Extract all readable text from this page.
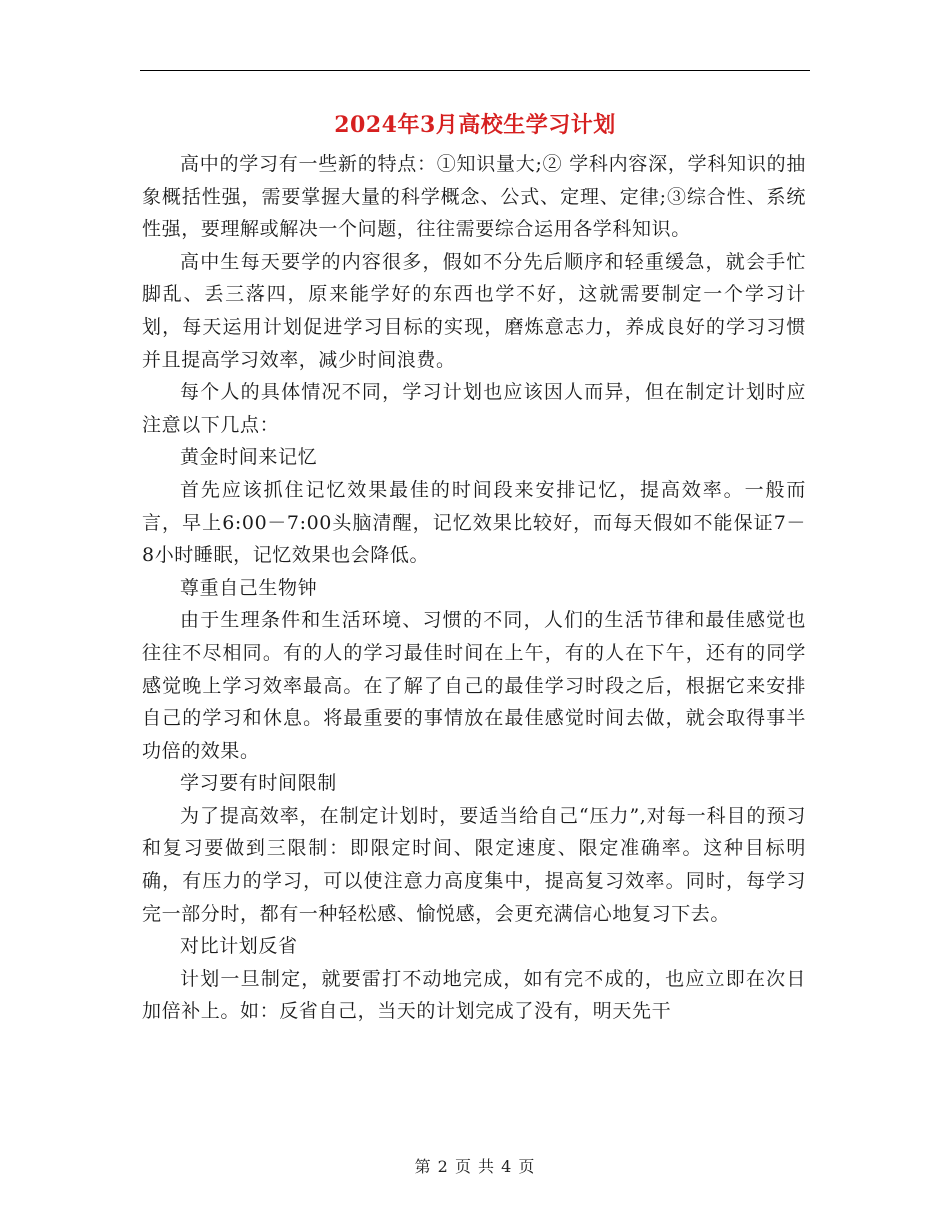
2024年3月高校生学习计划

高中的学习有一些新的特点：①知识量大;② 学科内容深，学科知识的抽象概括性强，需要掌握大量的科学概念、公式、定理、定律;③综合性、系统性强，要理解或解决一个问题，往往需要综合运用各学科知识。

高中生每天要学的内容很多，假如不分先后顺序和轻重缓急，就会手忙脚乱、丢三落四，原来能学好的东西也学不好，这就需要制定一个学习计划，每天运用计划促进学习目标的实现，磨炼意志力，养成良好的学习习惯并且提高学习效率，减少时间浪费。

每个人的具体情况不同，学习计划也应该因人而异，但在制定计划时应注意以下几点：

黄金时间来记忆

首先应该抓住记忆效果最佳的时间段来安排记忆，提高效率。一般而言，早上6:00－7:00头脑清醒，记忆效果比较好，而每天假如不能保证7－8小时睡眠，记忆效果也会降低。

尊重自己生物钟

由于生理条件和生活环境、习惯的不同，人们的生活节律和最佳感觉也往往不尽相同。有的人的学习最佳时间在上午，有的人在下午，还有的同学感觉晚上学习效率最高。在了解了自己的最佳学习时段之后，根据它来安排自己的学习和休息。将最重要的事情放在最佳感觉时间去做，就会取得事半功倍的效果。

学习要有时间限制

为了提高效率，在制定计划时，要适当给自己“压力”,对每一科目的预习和复习要做到三限制：即限定时间、限定速度、限定准确率。这种目标明确，有压力的学习，可以使注意力高度集中，提高复习效率。同时，每学习完一部分时，都有一种轻松感、愉悦感，会更充满信心地复习下去。

对比计划反省

计划一旦制定，就要雷打不动地完成，如有完不成的，也应立即在次日加倍补上。如：反省自己，当天的计划完成了没有，明天先干

第 2 页 共 4 页
